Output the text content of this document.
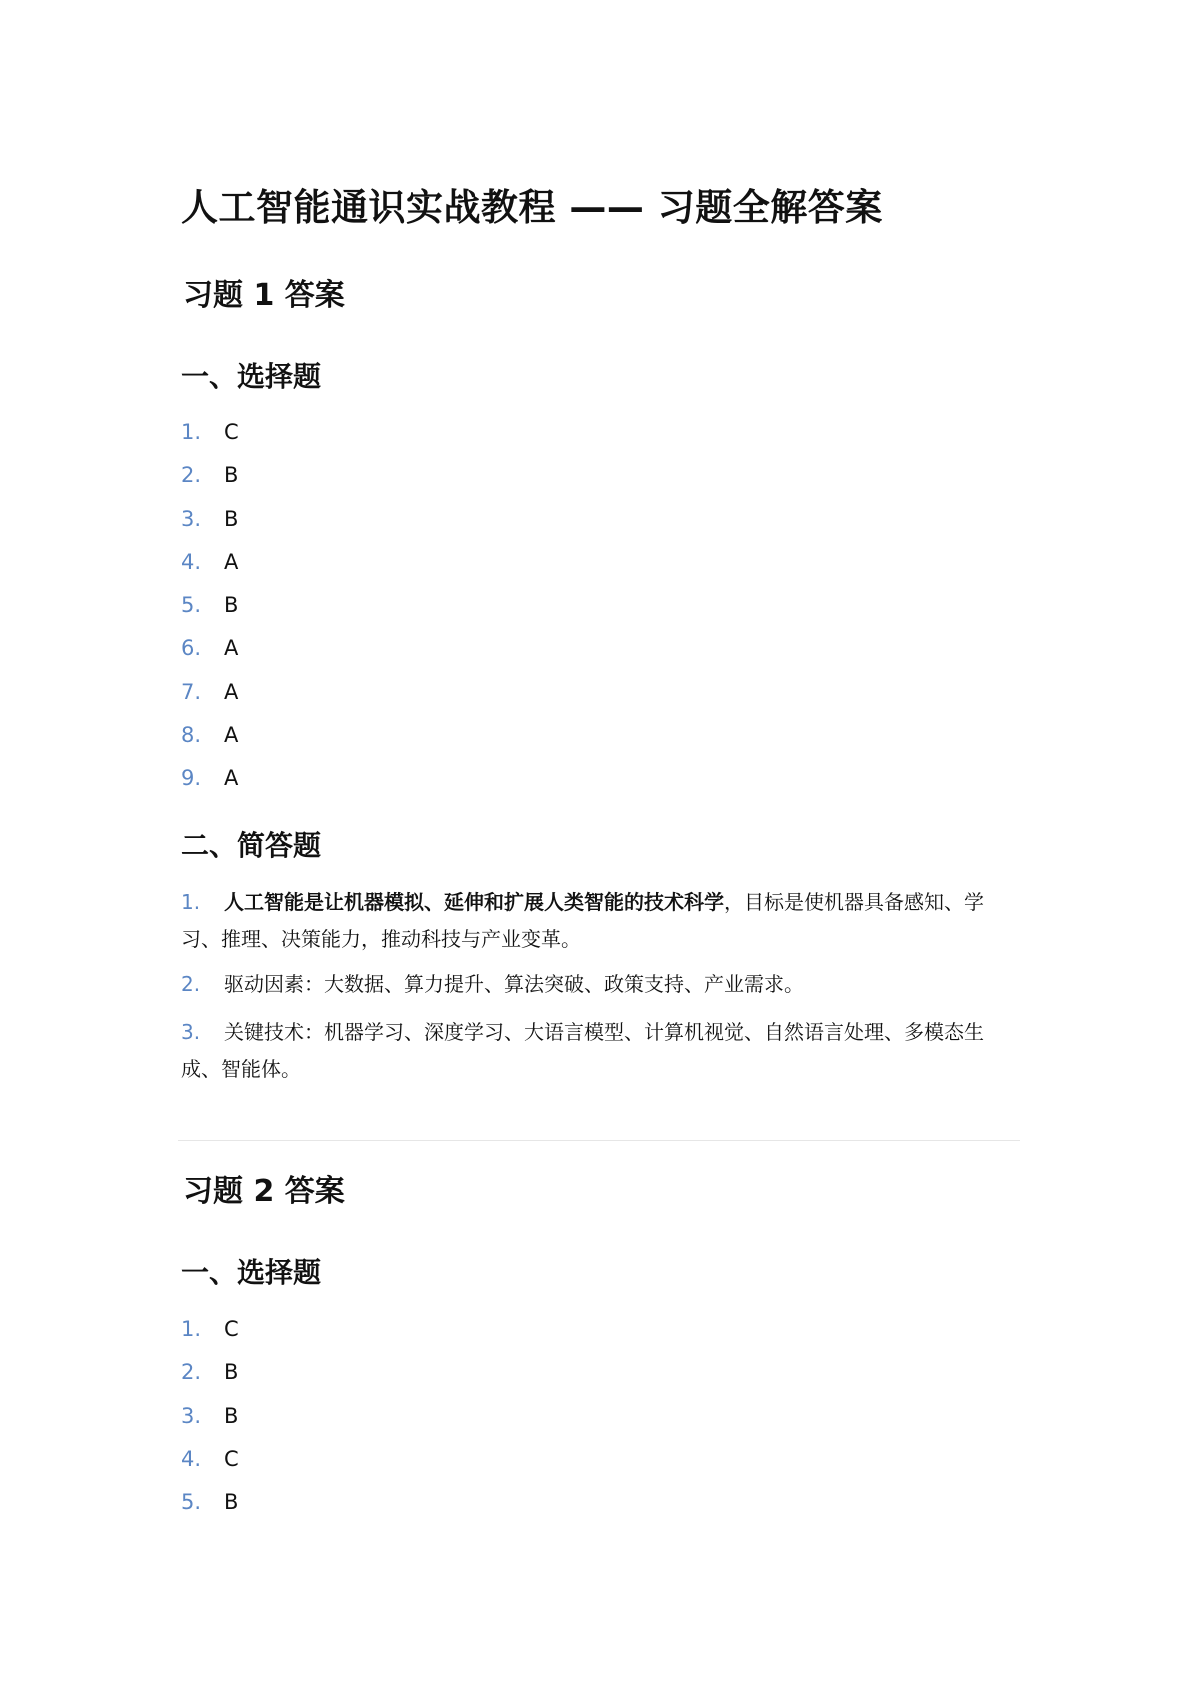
人工智能通识实战教程 —— 习题全解答案
习题 1 答案
一、选择题
1. C
2. B
3. B
4. A
5. B
6. A
7. A
8. A
9. A
二、简答题

1. 人工智能是让机器模拟、延伸和扩展人类智能的技术科学，目标是使机器具备感知、学习、推理、决策能力，推动科技与产业变革。

2. 驱动因素：大数据、算力提升、算法突破、政策支持、产业需求。

3. 关键技术：机器学习、深度学习、大语言模型、计算机视觉、自然语言处理、多模态生成、智能体。

习题 2 答案
一、选择题
1. C
2. B
3. B
4. C
5. B
